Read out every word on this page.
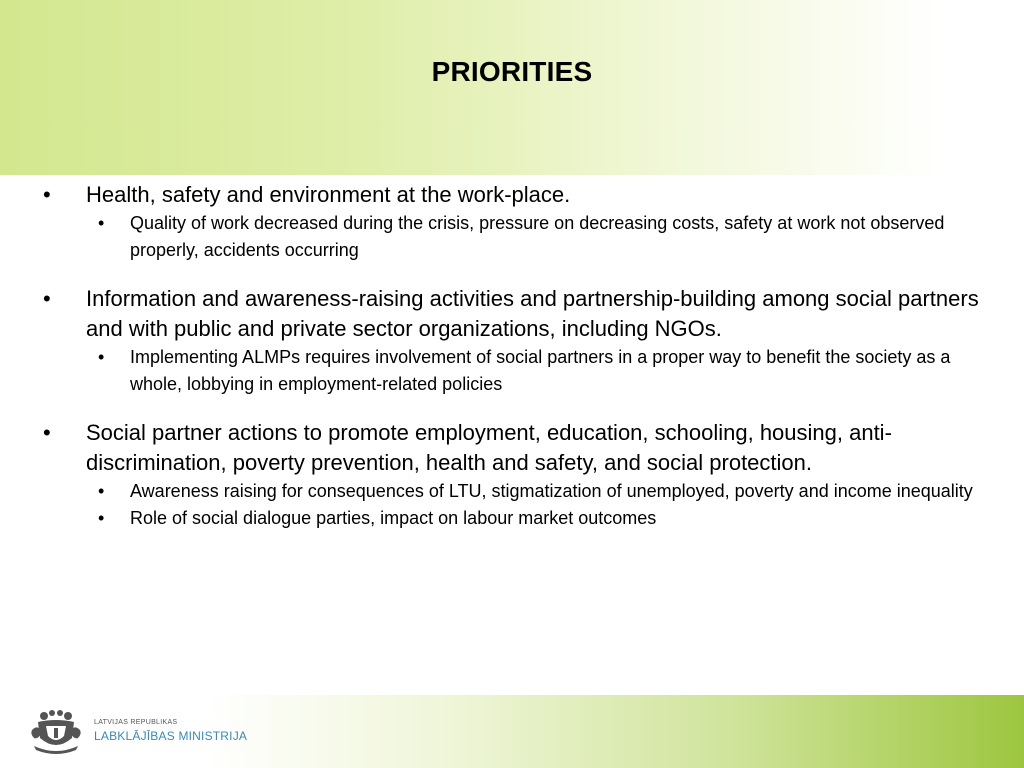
PRIORITIES
• Health, safety and environment at the work-place.
• Quality of work decreased during the crisis, pressure on decreasing costs, safety at work not observed properly, accidents occurring
• Information and awareness-raising activities and partnership-building among social partners and with public and private sector organizations, including NGOs.
• Implementing ALMPs requires involvement of social partners in a proper way to benefit the society as a whole, lobbying in employment-related policies
• Social partner actions to promote employment, education, schooling, housing, anti-discrimination, poverty prevention, health and safety, and social protection.
• Awareness raising for consequences of LTU, stigmatization of unemployed, poverty and income inequality
• Role of social dialogue parties, impact on labour market outcomes
LATVIJAS REPUBLIKAS
LABKLĀJĪBAS MINISTRIJA
